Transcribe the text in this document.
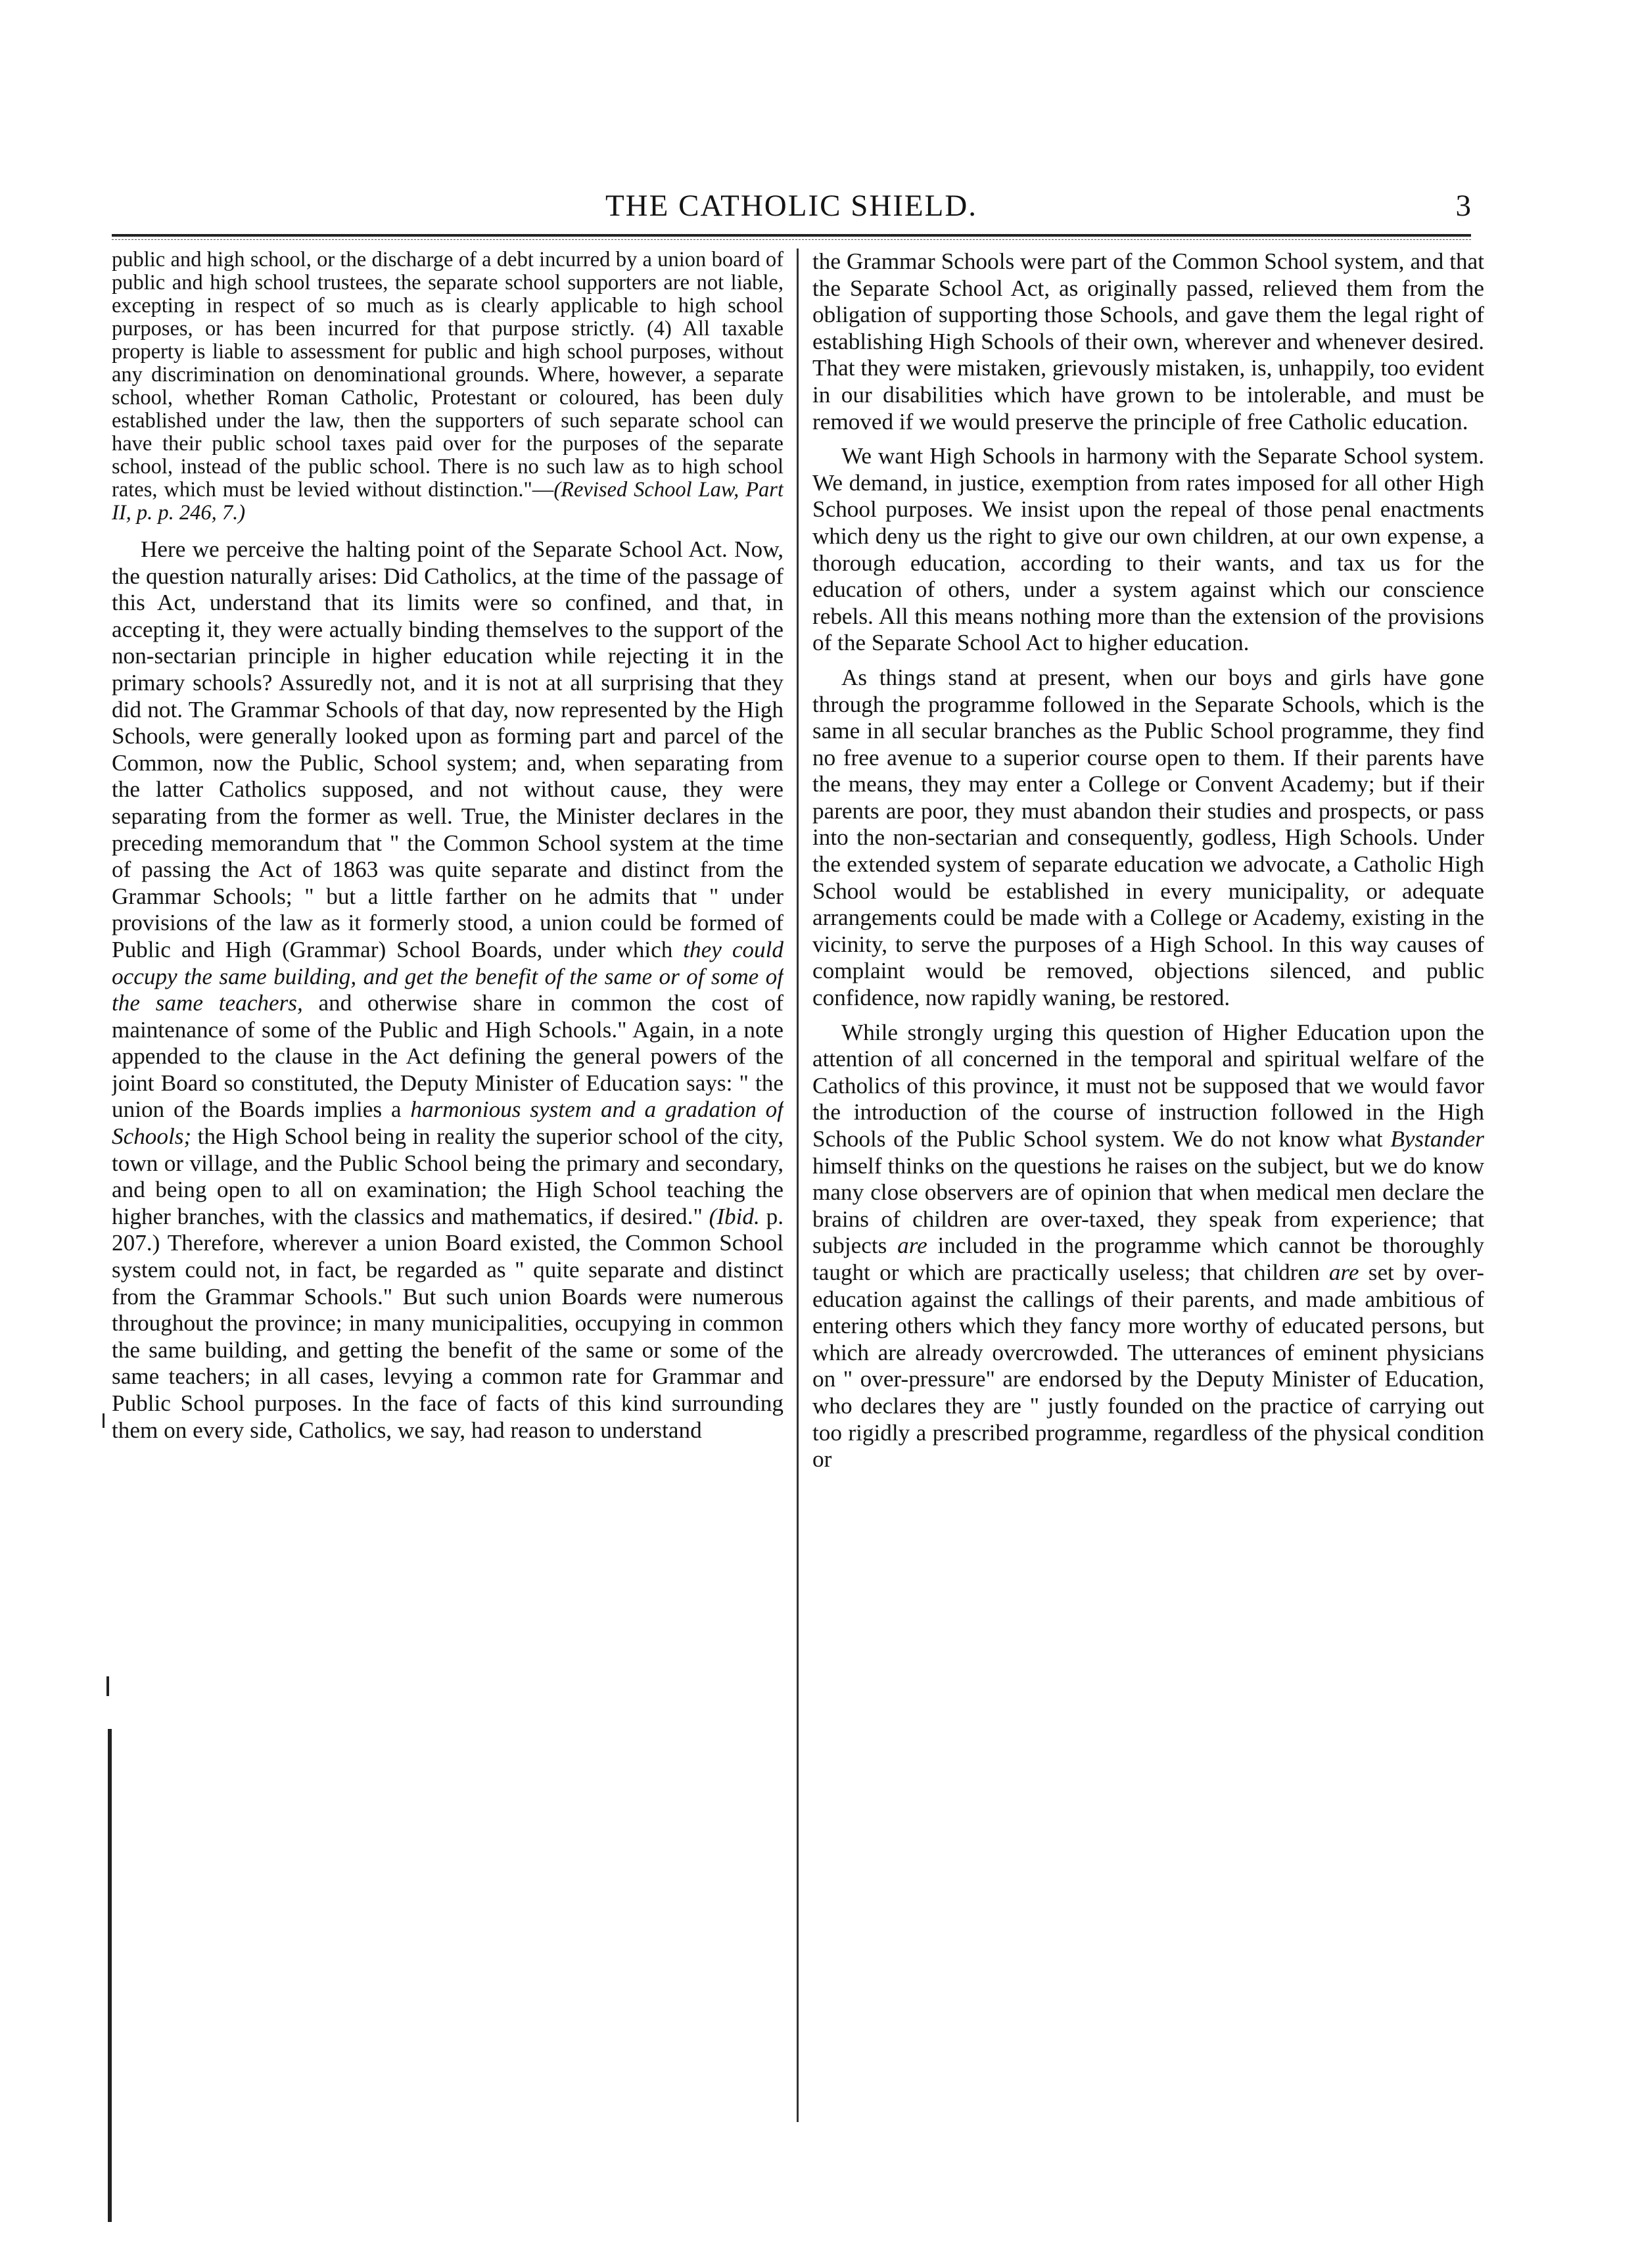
THE CATHOLIC SHIELD.	3

public and high school, or the discharge of a debt incurred by a union board of public and high school trustees, the separate school supporters are not liable, excepting in respect of so much as is clearly applicable to high school purposes, or has been incurred for that purpose strictly. (4) All taxable property is liable to assessment for public and high school purposes, without any discrimination on denominational grounds. Where, however, a separate school, whether Roman Catholic, Protestant or coloured, has been duly established under the law, then the supporters of such separate school can have their public school taxes paid over for the purposes of the separate school, instead of the public school. There is no such law as to high school rates, which must be levied without distinction."—(Revised School Law, Part II, p. p. 246, 7.)

Here we perceive the halting point of the Separate School Act. Now, the question naturally arises: Did Catholics, at the time of the passage of this Act, understand that its limits were so confined, and that, in accepting it, they were actually binding themselves to the support of the non-sectarian principle in higher education while rejecting it in the primary schools? Assuredly not, and it is not at all surprising that they did not. The Grammar Schools of that day, now represented by the High Schools, were generally looked upon as forming part and parcel of the Common, now the Public, School system; and, when separating from the latter Catholics supposed, and not without cause, they were separating from the former as well. True, the Minister declares in the preceding memorandum that " the Common School system at the time of passing the Act of 1863 was quite separate and distinct from the Grammar Schools; " but a little farther on he admits that " under provisions of the law as it formerly stood, a union could be formed of Public and High (Grammar) School Boards, under which they could occupy the same building, and get the benefit of the same or of some of the same teachers, and otherwise share in common the cost of maintenance of some of the Public and High Schools." Again, in a note appended to the clause in the Act defining the general powers of the joint Board so constituted, the Deputy Minister of Education says: " the union of the Boards implies a harmonious system and a gradation of Schools; the High School being in reality the superior school of the city, town or village, and the Public School being the primary and secondary, and being open to all on examination; the High School teaching the higher branches, with the classics and mathematics, if desired." (Ibid. p. 207.) Therefore, wherever a union Board existed, the Common School system could not, in fact, be regarded as " quite separate and distinct from the Grammar Schools." But such union Boards were numerous throughout the province; in many municipalities, occupying in common the same building, and getting the benefit of the same or some of the same teachers; in all cases, levying a common rate for Grammar and Public School purposes. In the face of facts of this kind surrounding them on every side, Catholics, we say, had reason to understand

the Grammar Schools were part of the Common School system, and that the Separate School Act, as originally passed, relieved them from the obligation of supporting those Schools, and gave them the legal right of establishing High Schools of their own, wherever and whenever desired. That they were mistaken, grievously mistaken, is, unhappily, too evident in our disabilities which have grown to be intolerable, and must be removed if we would preserve the principle of free Catholic education.

We want High Schools in harmony with the Separate School system. We demand, in justice, exemption from rates imposed for all other High School purposes. We insist upon the repeal of those penal enactments which deny us the right to give our own children, at our own expense, a thorough education, according to their wants, and tax us for the education of others, under a system against which our conscience rebels. All this means nothing more than the extension of the provisions of the Separate School Act to higher education.

As things stand at present, when our boys and girls have gone through the programme followed in the Separate Schools, which is the same in all secular branches as the Public School programme, they find no free avenue to a superior course open to them. If their parents have the means, they may enter a College or Convent Academy; but if their parents are poor, they must abandon their studies and prospects, or pass into the non-sectarian and consequently, godless, High Schools. Under the extended system of separate education we advocate, a Catholic High School would be established in every municipality, or adequate arrangements could be made with a College or Academy, existing in the vicinity, to serve the purposes of a High School. In this way causes of complaint would be removed, objections silenced, and public confidence, now rapidly waning, be restored.

While strongly urging this question of Higher Education upon the attention of all concerned in the temporal and spiritual welfare of the Catholics of this province, it must not be supposed that we would favor the introduction of the course of instruction followed in the High Schools of the Public School system. We do not know what Bystander himself thinks on the questions he raises on the subject, but we do know many close observers are of opinion that when medical men declare the brains of children are over-taxed, they speak from experience; that subjects are included in the programme which cannot be thoroughly taught or which are practically useless; that children are set by over-education against the callings of their parents, and made ambitious of entering others which they fancy more worthy of educated persons, but which are already overcrowded. The utterances of eminent physicians on " over-pressure" are endorsed by the Deputy Minister of Education, who declares they are " justly founded on the practice of carrying out too rigidly a prescribed programme, regardless of the physical condition or
